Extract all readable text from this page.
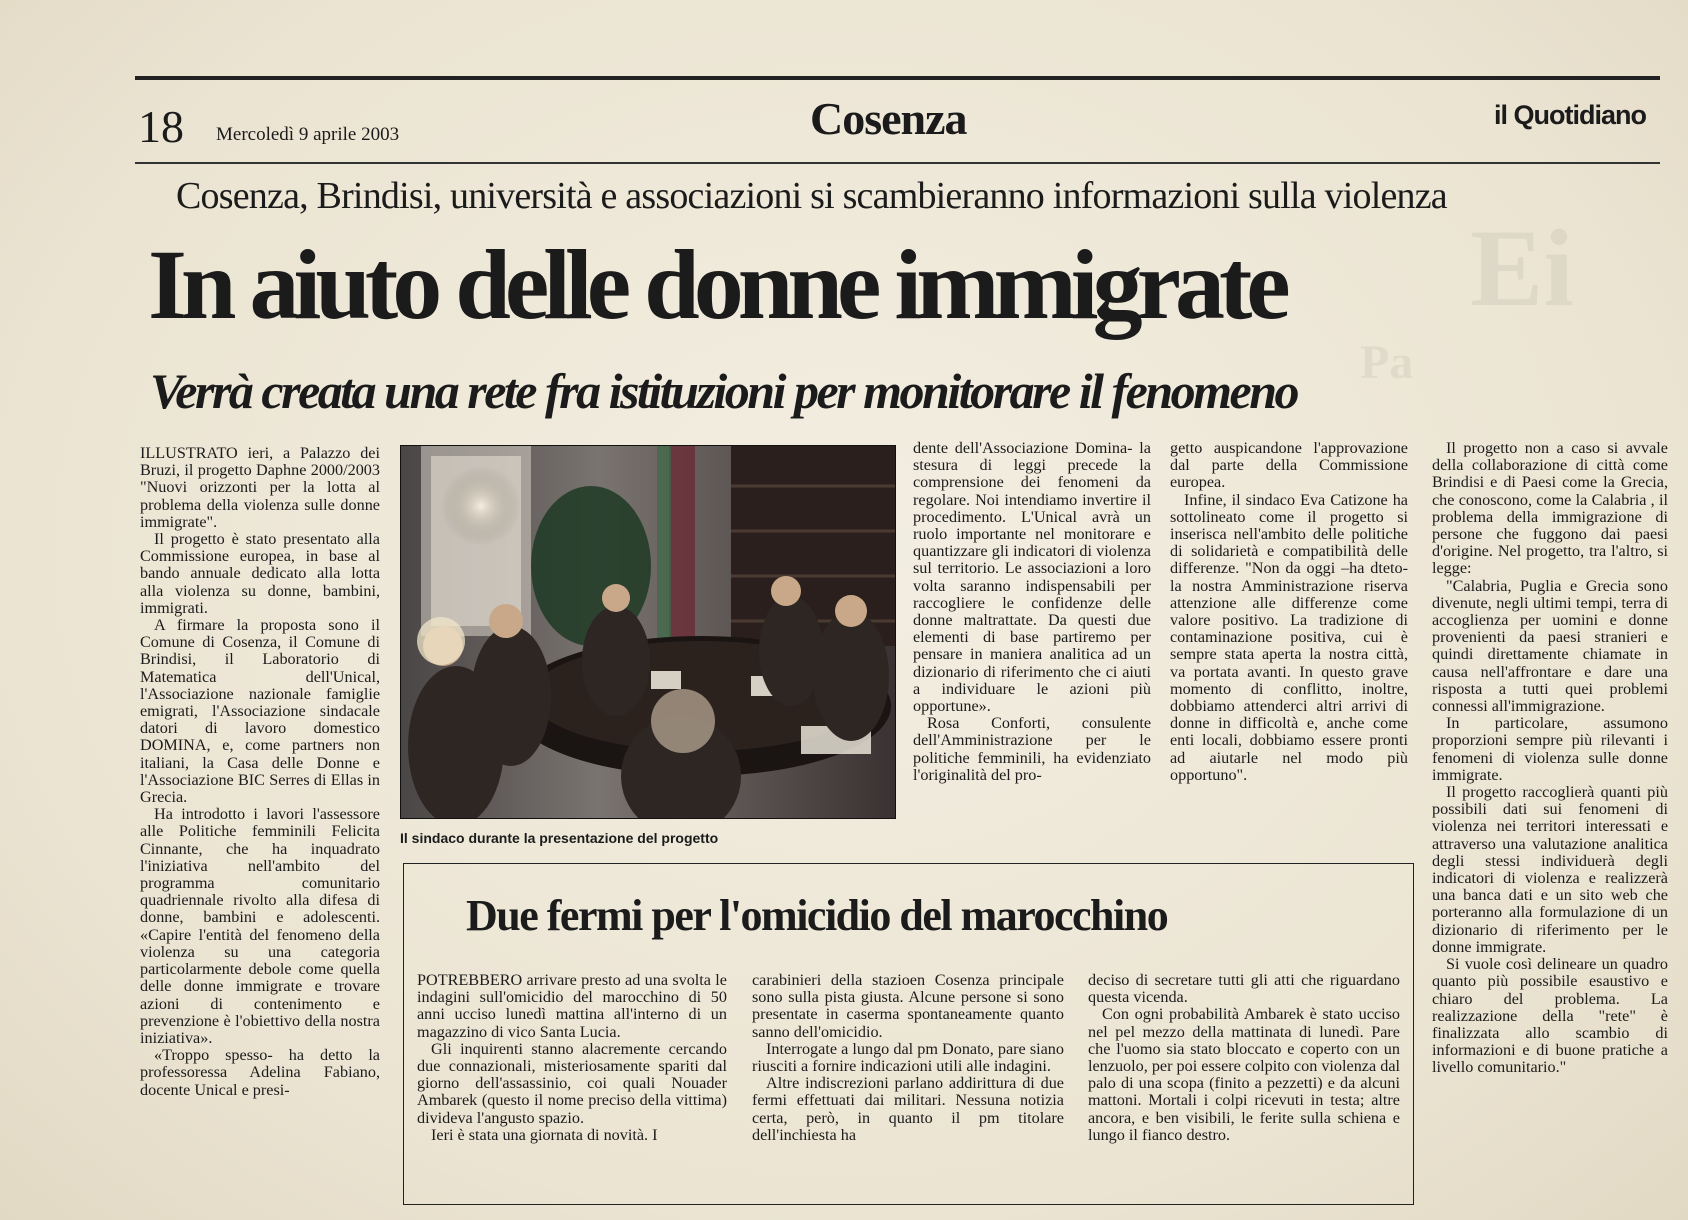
Ei
Pa
18 Mercoledì 9 aprile 2003	Cosenza	il Quotidiano
Cosenza, Brindisi, università e associazioni si scambieranno informazioni sulla violenza
In aiuto delle donne immigrate
Verrà creata una rete fra istituzioni per monitorare il fenomeno

ILLUSTRATO ieri, a Palazzo dei Bruzi, il progetto Daphne 2000/2003 "Nuovi orizzonti per la lotta al problema della violenza sulle donne immigrate".

Il progetto è stato presentato alla Commissione europea, in base al bando annuale dedicato alla lotta alla violenza su donne, bambini, immigrati.

A firmare la proposta sono il Comune di Cosenza, il Comune di Brindisi, il Laboratorio di Matematica dell'Unical, l'Associazione nazionale famiglie emigrati, l'Associazione sindacale datori di lavoro domestico DOMINA, e, come partners non italiani, la Casa delle Donne e l'Associazione BIC Serres di Ellas in Grecia.

Ha introdotto i lavori l'assessore alle Politiche femminili Felicita Cinnante, che ha inquadrato l'iniziativa nell'ambito del programma comunitario quadriennale rivolto alla difesa di donne, bambini e adolescenti. «Capire l'entità del fenomeno della violenza su una categoria particolarmente debole come quella delle donne immigrate e trovare azioni di contenimento e prevenzione è l'obiettivo della nostra iniziativa».

«Troppo spesso- ha detto la professoressa Adelina Fabiano, docente Unical e presi-

Il sindaco durante la presentazione del progetto

dente dell'Associazione Domina- la stesura di leggi precede la comprensione dei fenomeni da regolare. Noi intendiamo invertire il procedimento. L'Unical avrà un ruolo importante nel monitorare e quantizzare gli indicatori di violenza sul territorio. Le associazioni a loro volta saranno indispensabili per raccogliere le confidenze delle donne maltrattate. Da questi due elementi di base partiremo per pensare in maniera analitica ad un dizionario di riferimento che ci aiuti a individuare le azioni più opportune».

Rosa Conforti, consulente dell'Amministrazione per le politiche femminili, ha evidenziato l'originalità del pro-

getto auspicandone l'approvazione dal parte della Commissione europea.

Infine, il sindaco Eva Catizone ha sottolineato come il progetto si inserisca nell'ambito delle politiche di solidarietà e compatibilità delle differenze. "Non da oggi –ha dteto- la nostra Amministrazione riserva attenzione alle differenze come valore positivo. La tradizione di contaminazione positiva, cui è sempre stata aperta la nostra città, va portata avanti. In questo grave momento di conflitto, inoltre, dobbiamo attenderci altri arrivi di donne in difficoltà e, anche come enti locali, dobbiamo essere pronti ad aiutarle nel modo più opportuno".

Il progetto non a caso si avvale della collaborazione di città come Brindisi e di Paesi come la Grecia, che conoscono, come la Calabria , il problema della immigrazione di persone che fuggono dai paesi d'origine. Nel progetto, tra l'altro, si legge:

"Calabria, Puglia e Grecia sono divenute, negli ultimi tempi, terra di accoglienza per uomini e donne provenienti da paesi stranieri e quindi direttamente chiamate in causa nell'affrontare e dare una risposta a tutti quei problemi connessi all'immigrazione.

In particolare, assumono proporzioni sempre più rilevanti i fenomeni di violenza sulle donne immigrate.

Il progetto raccoglierà quanti più possibili dati sui fenomeni di violenza nei territori interessati e attraverso una valutazione analitica degli stessi individuerà degli indicatori di violenza e realizzerà una banca dati e un sito web che porteranno alla formulazione di un dizionario di riferimento per le donne immigrate.

Si vuole così delineare un quadro quanto più possibile esaustivo e chiaro del problema. La realizzazione della "rete" è finalizzata allo scambio di informazioni e di buone pratiche a livello comunitario."

Due fermi per l'omicidio del marocchino

POTREBBERO arrivare presto ad una svolta le indagini sull'omicidio del marocchino di 50 anni ucciso lunedì mattina all'interno di un magazzino di vico Santa Lucia.

Gli inquirenti stanno alacremente cercando due connazionali, misteriosamente spariti dal giorno dell'assassinio, coi quali Nouader Ambarek (questo il nome preciso della vittima) divideva l'angusto spazio.

Ieri è stata una giornata di novità. I

carabinieri della stazioen Cosenza principale sono sulla pista giusta. Alcune persone si sono presentate in caserma spontaneamente quanto sanno dell'omicidio.

Interrogate a lungo dal pm Donato, pare siano riusciti a fornire indicazioni utili alle indagini.

Altre indiscrezioni parlano addirittura di due fermi effettuati dai militari. Nessuna notizia certa, però, in quanto il pm titolare dell'inchiesta ha

deciso di secretare tutti gli atti che riguardano questa vicenda.

Con ogni probabilità Ambarek è stato ucciso nel pel mezzo della mattinata di lunedì. Pare che l'uomo sia stato bloccato e coperto con un lenzuolo, per poi essere colpito con violenza dal palo di una scopa (finito a pezzetti) e da alcuni mattoni. Mortali i colpi ricevuti in testa; altre ancora, e ben visibili, le ferite sulla schiena e lungo il fianco destro.
